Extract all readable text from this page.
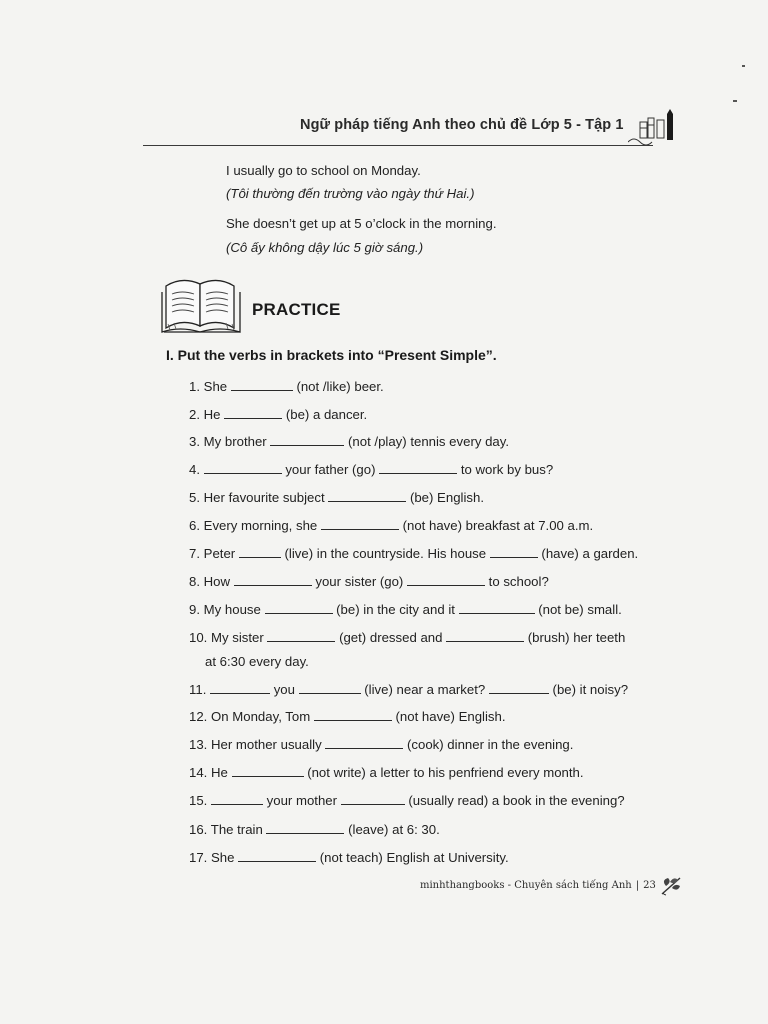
Ngữ pháp tiếng Anh theo chủ đề Lớp 5 - Tập 1
I usually go to school on Monday.
(Tôi thường đến trường vào ngày thứ Hai.)
She doesn’t get up at 5 o’clock in the morning.
(Cô ấy không dậy lúc 5 giờ sáng.)
PRACTICE
I. Put the verbs in brackets into “Present Simple”.
1. She	(not /like) beer.
2. He	(be) a dancer.
3. My brother	(not /play) tennis every day.
4.	your father (go)	to work by bus?
5. Her favourite subject	(be) English.
6. Every morning, she	(not have) breakfast at 7.00 a.m.
7. Peter	(live) in the countryside. His house	(have) a garden.
8. How	your sister (go)	to school?
9. My house	(be) in the city and it	(not be) small.
10. My sister	(get) dressed and	(brush) her teeth
at 6:30 every day.
11.	you	(live) near a market?	(be) it noisy?
12. On Monday, Tom	(not have) English.
13. Her mother usually	(cook) dinner in the evening.
14. He	(not write) a letter to his penfriend every month.
15.	your mother	(usually read) a book in the evening?
16. The train	(leave) at 6: 30.
17. She	(not teach) English at University.
minhthangbooks - Chuyên sách tiếng Anh | 23
